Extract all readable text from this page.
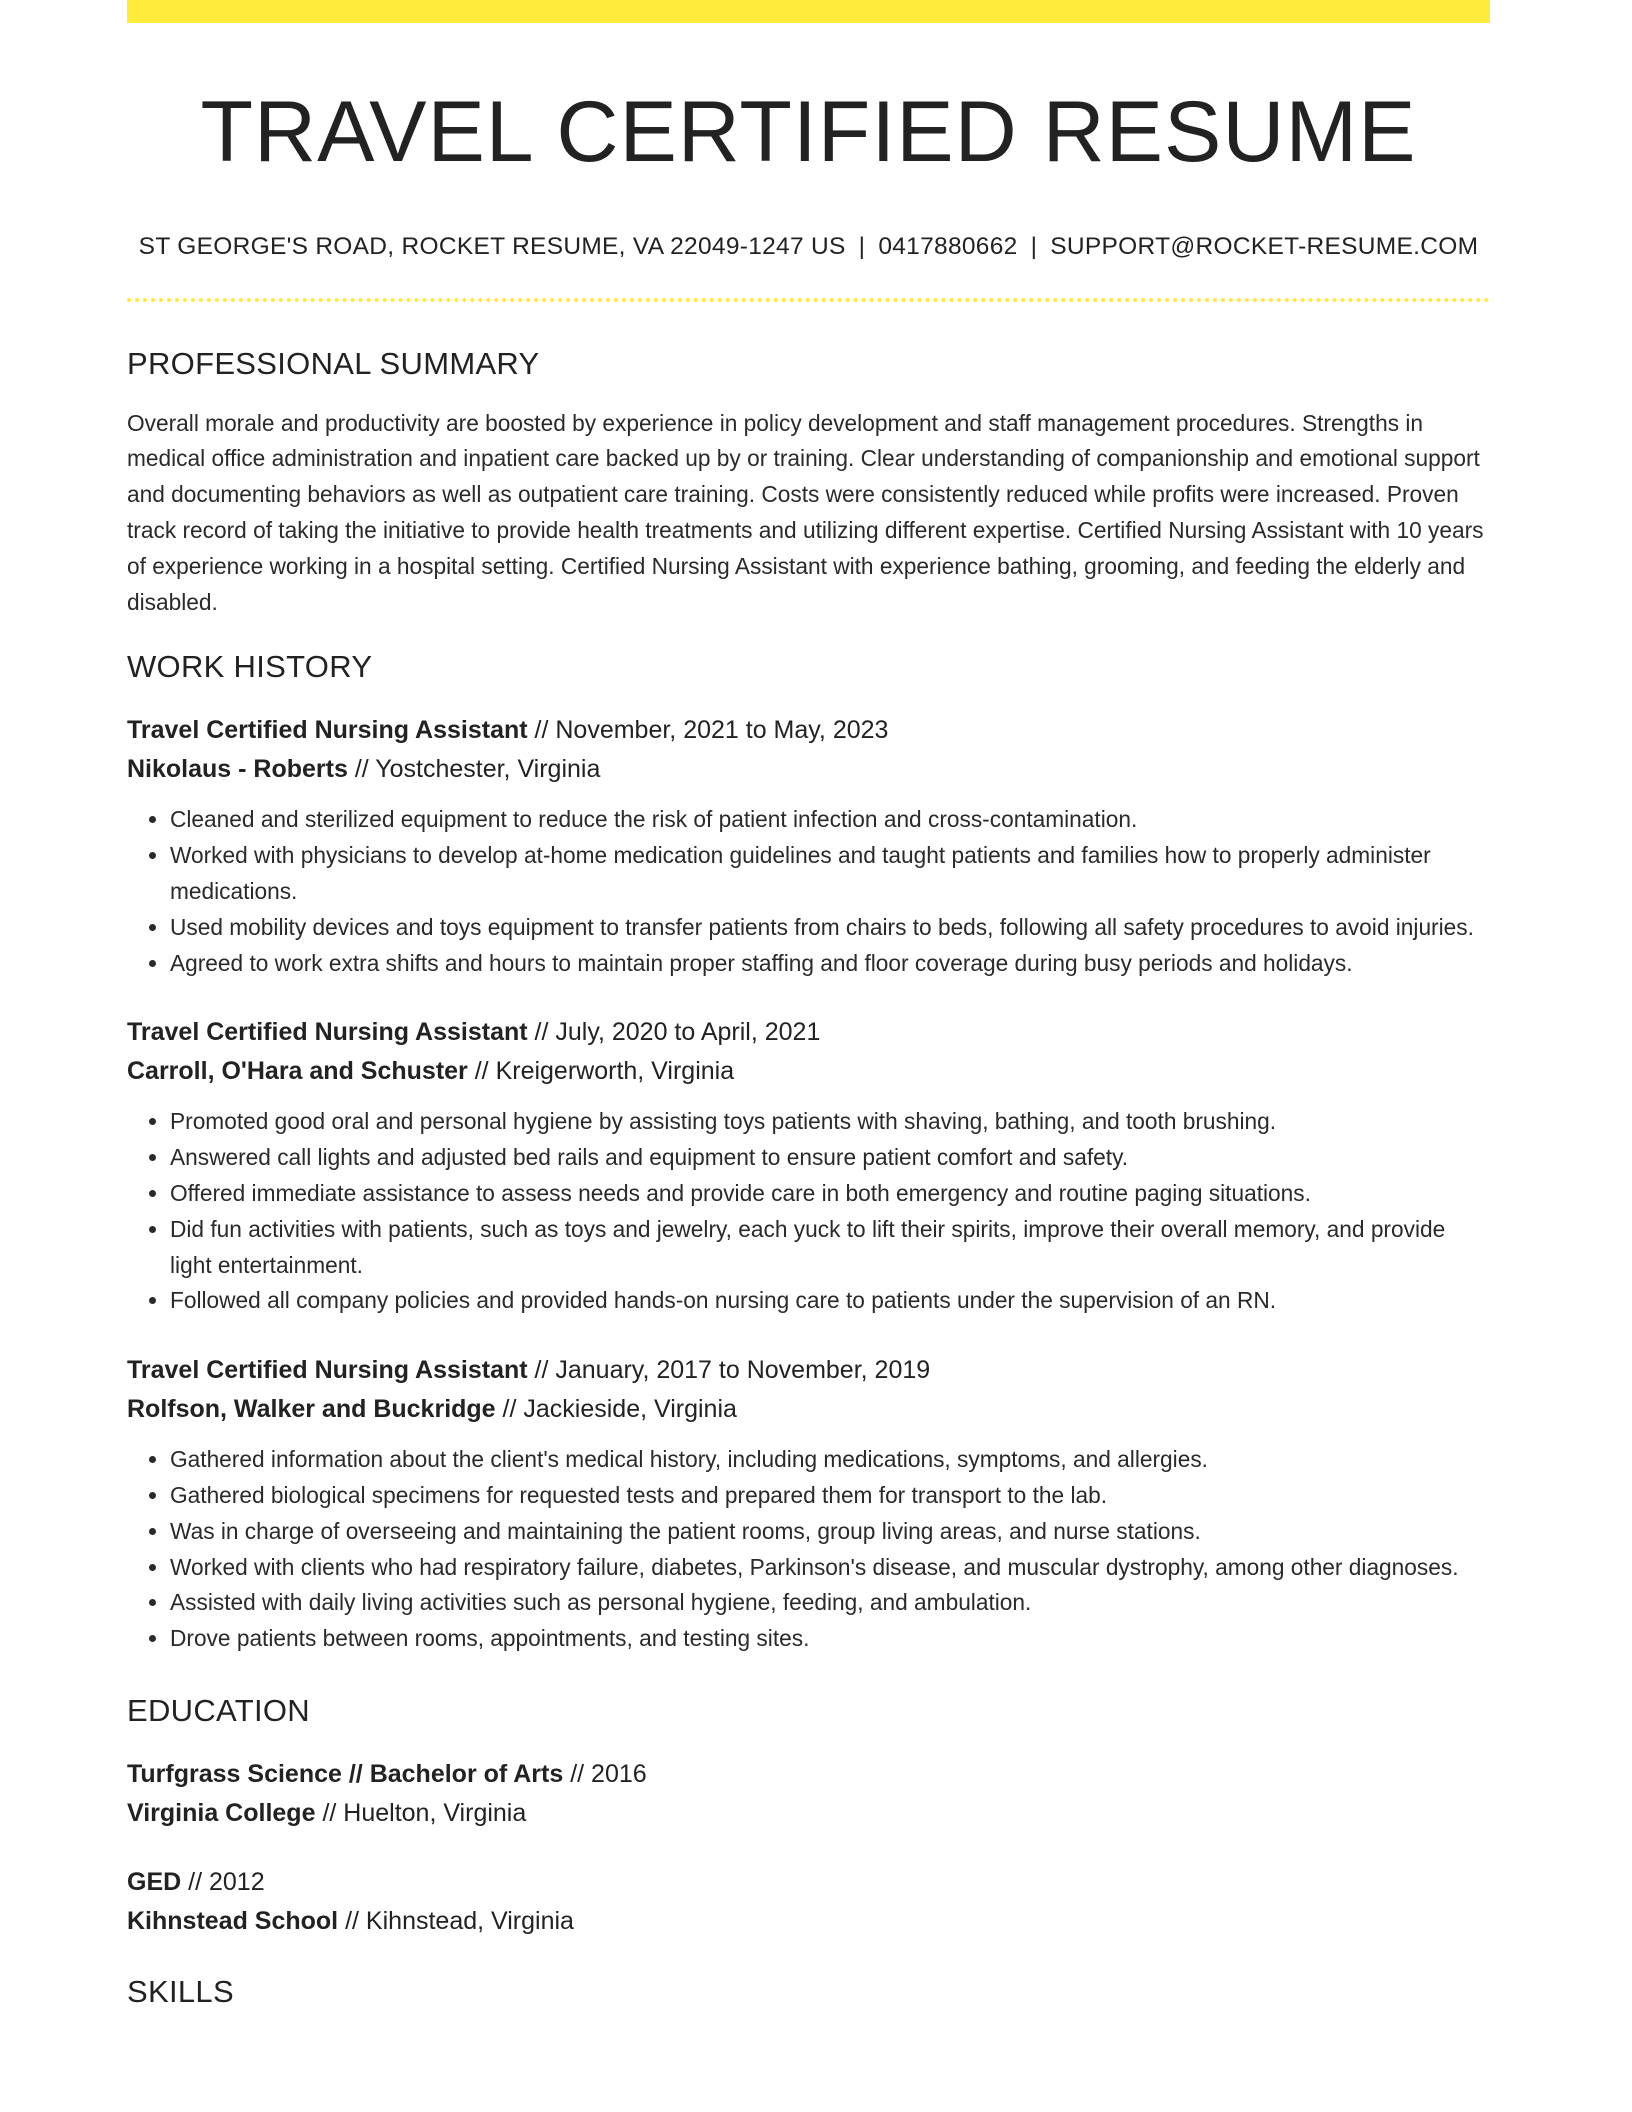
TRAVEL CERTIFIED RESUME
ST GEORGE'S ROAD, ROCKET RESUME, VA 22049-1247 US | 0417880662 | SUPPORT@ROCKET-RESUME.COM
PROFESSIONAL SUMMARY
Overall morale and productivity are boosted by experience in policy development and staff management procedures. Strengths in medical office administration and inpatient care backed up by or training. Clear understanding of companionship and emotional support and documenting behaviors as well as outpatient care training. Costs were consistently reduced while profits were increased. Proven track record of taking the initiative to provide health treatments and utilizing different expertise. Certified Nursing Assistant with 10 years of experience working in a hospital setting. Certified Nursing Assistant with experience bathing, grooming, and feeding the elderly and disabled.
WORK HISTORY
Travel Certified Nursing Assistant // November, 2021 to May, 2023
Nikolaus - Roberts // Yostchester, Virginia
• Cleaned and sterilized equipment to reduce the risk of patient infection and cross-contamination.
• Worked with physicians to develop at-home medication guidelines and taught patients and families how to properly administer medications.
• Used mobility devices and toys equipment to transfer patients from chairs to beds, following all safety procedures to avoid injuries.
• Agreed to work extra shifts and hours to maintain proper staffing and floor coverage during busy periods and holidays.
Travel Certified Nursing Assistant // July, 2020 to April, 2021
Carroll, O'Hara and Schuster // Kreigerworth, Virginia
• Promoted good oral and personal hygiene by assisting toys patients with shaving, bathing, and tooth brushing.
• Answered call lights and adjusted bed rails and equipment to ensure patient comfort and safety.
• Offered immediate assistance to assess needs and provide care in both emergency and routine paging situations.
• Did fun activities with patients, such as toys and jewelry, each yuck to lift their spirits, improve their overall memory, and provide light entertainment.
• Followed all company policies and provided hands-on nursing care to patients under the supervision of an RN.
Travel Certified Nursing Assistant // January, 2017 to November, 2019
Rolfson, Walker and Buckridge // Jackieside, Virginia
• Gathered information about the client's medical history, including medications, symptoms, and allergies.
• Gathered biological specimens for requested tests and prepared them for transport to the lab.
• Was in charge of overseeing and maintaining the patient rooms, group living areas, and nurse stations.
• Worked with clients who had respiratory failure, diabetes, Parkinson's disease, and muscular dystrophy, among other diagnoses.
• Assisted with daily living activities such as personal hygiene, feeding, and ambulation.
• Drove patients between rooms, appointments, and testing sites.
EDUCATION
Turfgrass Science // Bachelor of Arts // 2016
Virginia College // Huelton, Virginia
GED // 2012
Kihnstead School // Kihnstead, Virginia
SKILLS
